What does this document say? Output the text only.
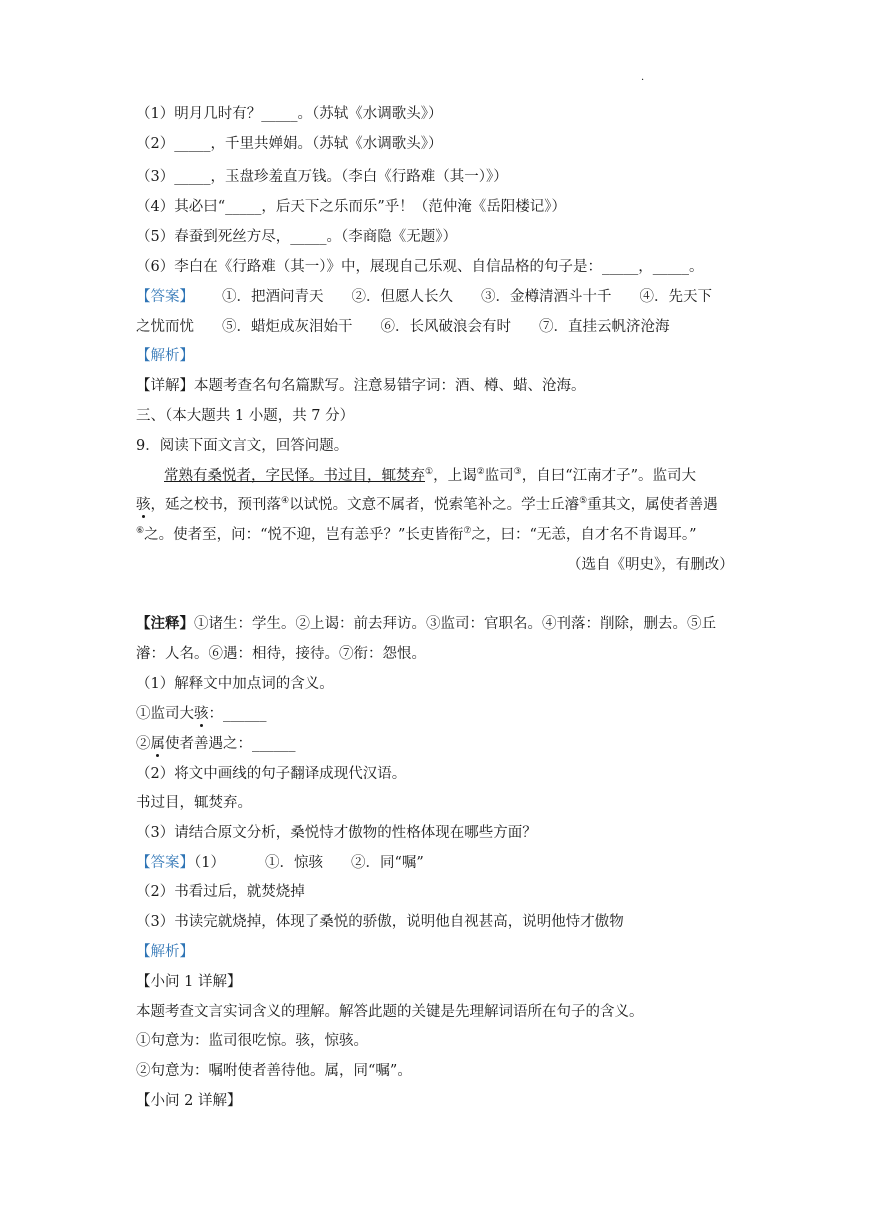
·
（1）明月几时有？_____。（苏轼《水调歌头》）
（2）_____，千里共婵娟。（苏轼《水调歌头》）
（3）_____，玉盘珍羞直万钱。（李白《行路难（其一）》）
（4）其必曰“_____，后天下之乐而乐”乎！（范仲淹《岳阳楼记》）
（5）春蚕到死丝方尽，_____。（李商隐《无题》）
（6）李白在《行路难（其一）》中，展现自己乐观、自信品格的句子是：_____，_____。
【答案】 ①．把酒问青天 ②．但愿人长久 ③．金樽清酒斗十千 ④．先天下
之忧而忧 ⑤．蜡炬成灰泪始干 ⑥．长风破浪会有时 ⑦．直挂云帆济沧海
【解析】
【详解】本题考查名句名篇默写。注意易错字词：酒、樽、蜡、沧海。
三、（本大题共 1 小题，共 7 分）
9．阅读下面文言文，回答问题。
常熟有桑悦者，字民怿。书过目，辄焚弃①，上谒②监司③，自曰“江南才子”。监司大
骇，延之校书，预刊落④以试悦。文意不属者，悦索笔补之。学士丘濬⑤重其文，属使者善遇
⑥之。使者至，问：“悦不迎，岂有恙乎？”长吏皆衔⑦之，曰：“无恙，自才名不肯谒耳。”
（选自《明史》，有删改）
【注释】①诸生：学生。②上谒：前去拜访。③监司：官职名。④刊落：削除，删去。⑤丘
濬：人名。⑥遇：相待，接待。⑦衔：怨恨。
（1）解释文中加点词的含义。
①监司大骇：______
②属使者善遇之：______
（2）将文中画线的句子翻译成现代汉语。
书过目，辄焚弃。
（3）请结合原文分析，桑悦恃才傲物的性格体现在哪些方面？
【答案】（1）	①．惊骇 ②．同“嘱”
（2）书看过后，就焚烧掉
（3）书读完就烧掉，体现了桑悦的骄傲，说明他自视甚高，说明他恃才傲物
【解析】
【小问 1 详解】
本题考查文言实词含义的理解。解答此题的关键是先理解词语所在句子的含义。
①句意为：监司很吃惊。骇，惊骇。
②句意为：嘱咐使者善待他。属，同“嘱”。
【小问 2 详解】
